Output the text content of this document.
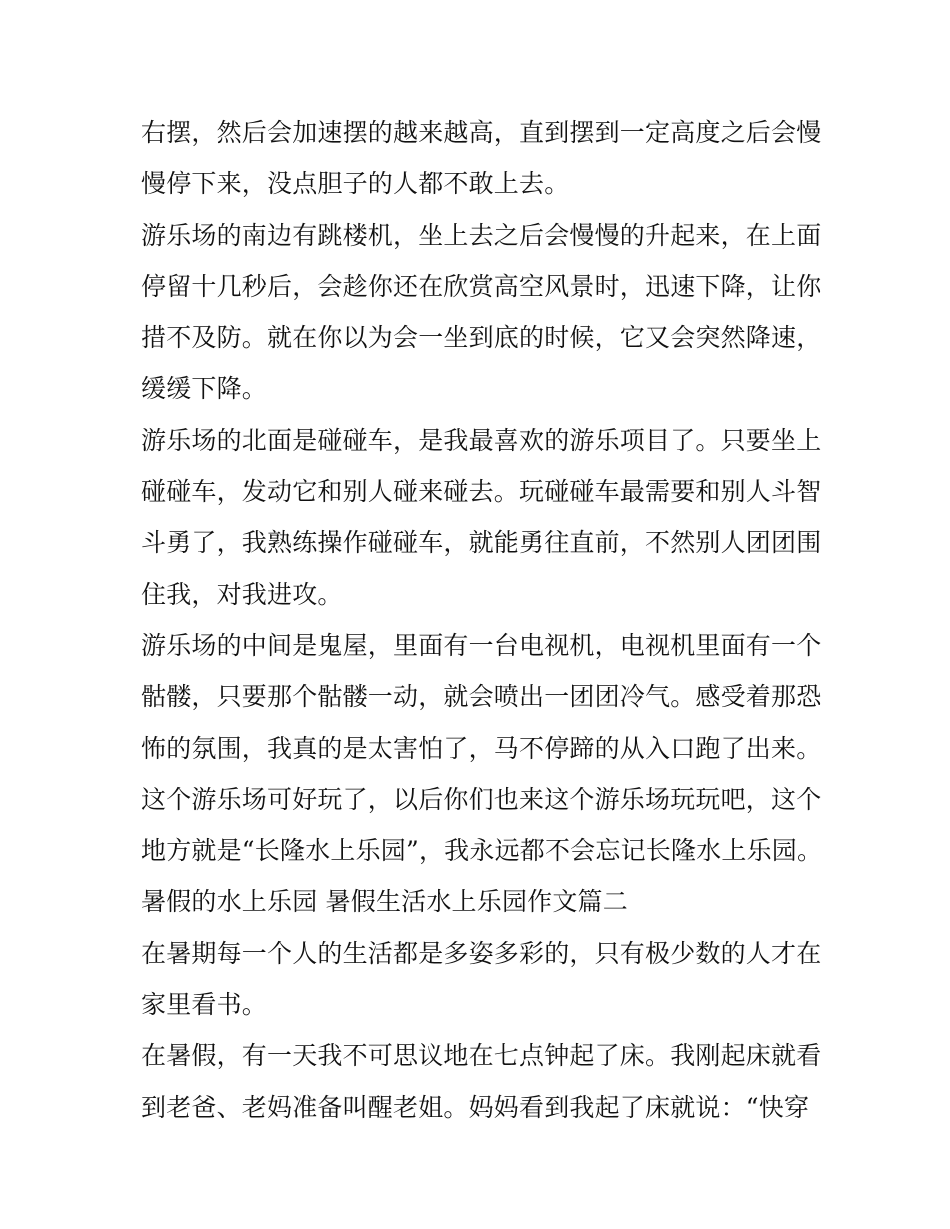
右摆，然后会加速摆的越来越高，直到摆到一定高度之后会慢
慢停下来，没点胆子的人都不敢上去。
游乐场的南边有跳楼机，坐上去之后会慢慢的升起来，在上面
停留十几秒后，会趁你还在欣赏高空风景时，迅速下降，让你
措不及防。就在你以为会一坐到底的时候，它又会突然降速，
缓缓下降。
游乐场的北面是碰碰车，是我最喜欢的游乐项目了。只要坐上
碰碰车，发动它和别人碰来碰去。玩碰碰车最需要和别人斗智
斗勇了，我熟练操作碰碰车，就能勇往直前，不然别人团团围
住我，对我进攻。
游乐场的中间是鬼屋，里面有一台电视机，电视机里面有一个
骷髅，只要那个骷髅一动，就会喷出一团团冷气。感受着那恐
怖的氛围，我真的是太害怕了，马不停蹄的从入口跑了出来。
这个游乐场可好玩了，以后你们也来这个游乐场玩玩吧，这个
地方就是“长隆水上乐园”，我永远都不会忘记长隆水上乐园。
暑假的水上乐园 暑假生活水上乐园作文篇二
在暑期每一个人的生活都是多姿多彩的，只有极少数的人才在
家里看书。
在暑假，有一天我不可思议地在七点钟起了床。我刚起床就看
到老爸、老妈准备叫醒老姐。妈妈看到我起了床就说：“快穿
